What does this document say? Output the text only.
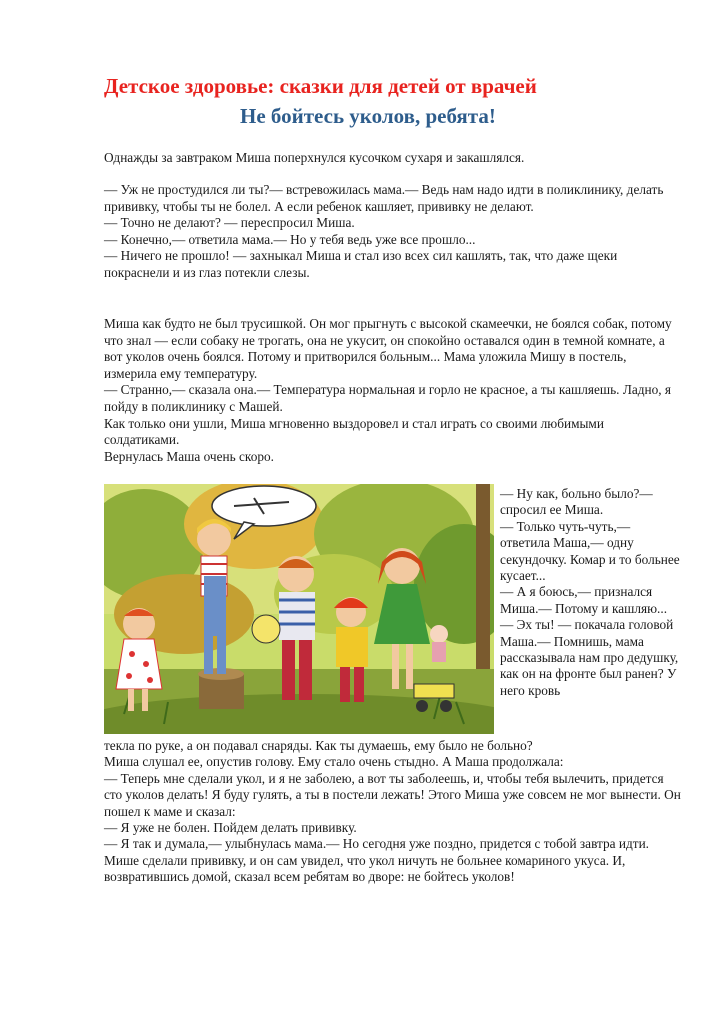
Детское здоровье: сказки для детей от врачей
Не бойтесь уколов, ребята!

Однажды за завтраком Миша поперхнулся кусочком сухаря и закашлялся.

— Уж не простудился ли ты?— встревожилась мама.— Ведь нам надо идти в поликлинику, делать прививку, чтобы ты не болел. А если ребенок кашляет, прививку не делают.

— Точно не делают? — переспросил Миша.

— Конечно,— ответила мама.— Но у тебя ведь уже все прошло...

— Ничего не прошло! — захныкал Миша и стал изо всех сил кашлять, так, что даже щеки покраснели и из глаз потекли слезы.

Миша как будто не был трусишкой. Он мог прыгнуть с высокой скамеечки, не боялся собак, потому что знал — если собаку не трогать, она не укусит, он спокойно оставался один в темной комнате, а вот уколов очень боялся. Потому и притворился больным... Мама уложила Мишу в постель, измерила ему температуру.

— Странно,— сказала она.— Температура нормальная и горло не красное, а ты кашляешь. Ладно, я пойду в поликлинику с Машей.

Как только они ушли, Миша мгновенно выздоровел и стал играть со своими любимыми солдатиками.

Вернулась Маша очень скоро.

— Ну как, больно было?— спросил ее Миша.

— Только чуть-чуть,— ответила Маша,— одну секундочку. Комар и то больнее кусает...

— А я боюсь,— признался Миша.— Потому и кашляю...

— Эх ты! — покачала головой Маша.— Помнишь, мама рассказывала нам про дедушку, как он на фронте был ранен? У него кровь

текла по руке, а он подавал снаряды. Как ты думаешь, ему было не больно?

Миша слушал ее, опустив голову. Ему стало очень стыдно. А Маша продолжала:

— Теперь мне сделали укол, и я не заболею, а вот ты заболеешь, и, чтобы тебя вылечить, придется сто уколов делать! Я буду гулять, а ты в постели лежать! Этого Миша уже совсем не мог вынести. Он пошел к маме и сказал:

— Я уже не болен. Пойдем делать прививку.

— Я так и думала,— улыбнулась мама.— Но сегодня уже поздно, придется с тобой завтра идти.

Мише сделали прививку, и он сам увидел, что укол ничуть не больнее комариного укуса. И, возвратившись домой, сказал всем ребятам во дворе: не бойтесь уколов!
